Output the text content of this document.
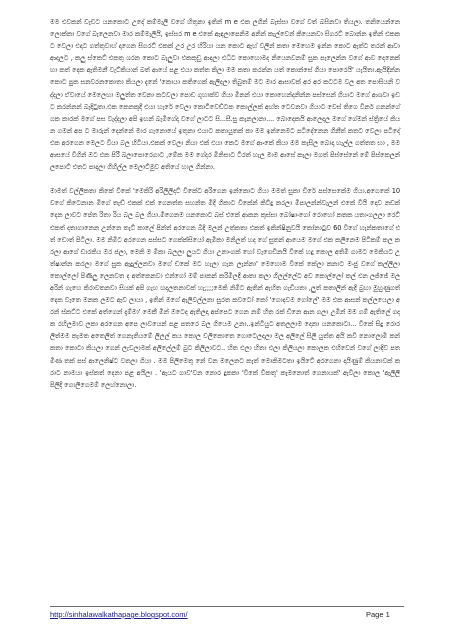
මම එවකන් වැඩට යනකොට උදේ කම්මැලි වගේ හිතුනා ඉතින් m e එක ලගින් බැස්සා වගේ වත් බසිනවා තියලා. තනියෙන්නෙ ලොක්කා වගේ බැලෙනවා මාර කම්මැලියි, ඉස්සර m e එකේ ඇඳලාපෙනිම අනින් කැල්වෙන් කියෙනවා සිගරට් බොන්න ඉතින් එකකට වෙලා එදාට ගත්තුවාහ් දාගෙන සිගරට් එකක් උර උර හිරියා යන කොට ඇහ් වලින් කතා මෙහෙම ඉන්න කොට ඇත්ට තරන් ආවා ආදලට , කලු ස්කෙට් එකතු ශරන කොට බැලුවා එකකුඩු ආදලා එධිට කොහොමද නියෙනවනම් සුක පැලෙන්න වගේ ආව දෙනෙක් හා කත් දෙක ඇතිමනී වැට්කියාන් බත් ආයේ පළ එයා කත්ත කිලා මම කතා කරන්න යත් කොන්සේ ගියා පොරෙයි' යැයිතා.ඇයිදින්නකොට පුක සනවරනකොතා කියලා දැනේ 'කොයා කතිගෙක් ඇලිදලා තිබුතම් මට මාර ආසාවක් අර අර කටටම වල අත පොසියනි වද්දලා ඒවායේ මෙලෙහා මලුත්ත වෙනා කටවලා පොඩ ගුහාක්ව ගියා මිනන් එයා කොහෙන්දනින්න පස්සෙන් ගියාට මගේ ආශවා ඉඩට කරන්නන් බැදිටුතා.එක කෙනකුදී එයා හැරේ වෙලා කොටිවෙඩ්ටක කොල්ලක් අහ්ත ටෙවනවා ගියාට වෙස් තිගෙ විනර් ගනන්ගේ ගක කාරක් මගේ පස වැද්දලා අපි ඉහන් බැමිගේදා වගේ ලාටට සි...සී.සු කැනලානා.... බොදෙකයි ආලෙදල මගේ ගේමන් ස්ත්‍රියේ කියන ගමන් අප ට මාරුන් දෙන්නේ මාර ගැනොයේ ඉතුනා එයාට කතායුතක් කා මම ඉන්නෙමට පටිදේනෙන ගිනීත් කතට වෙලා පටිදේ එක අරගෙන මෙලට වියා බල හිටියා.එකක් වෙලා නියා එක් එයා කෙට මගේ ආංකේ කියා මම කැසිල බොදා හැල්ල ගත්තත භා , මම ආසයේ විගින් ඔට එක පිරී බලාපොරෙගාට ,මේක මම ගේදර මිනිසාට ටිරත් හැල මාම ආසේ කැලා මගත් පිස්සේනේ මේ පිස්කෙලන් ලපොට් එතට පාදලා ගිහිල්ල මෙලාට්මුව අතියේ හාල ගින්නා.

මාමත් වල්ලිකතා කිකේ විකේ 'මෙකිරි අරිලිලිදට් විකේට අරිගෙන ඉන්කොට ගියා මමත් සුකා ඩිරේ පස්සෙකේම ගියා.අගෙකේ 10 වගේ කිටෙනාන මිගේ තැඩ් එකක් එක් ගෙනත්ත සහන්ත මිදි ගිකාට විකේන් කිට්දු කරලා මිපාලන්න්වැලන් එකේ වියි දොව නඩක් දෙන ලාවට පේත රිතා රිය බල බල ගියා.මිගෙනම යනකොට බස් එකේ ආකන කුස්සා බෝෂාංගෝ රොහෝ කතක යතාංගලලා රෙට් එකත් දතාගානෙන උන්නෙ තැට් කාලේ පින්ත් අරගෙන බිදි මලන් උත්කතා එකත් ඉකින්ෂිනුවයි කෝනාටුව 60 වීගේ හැන්කතාගේ එත් ඩොත් පිටිලා. මම නිමිට අරගෙන පස්සට ගෙක්ක්සියෝ ඇමිකා මනිලත් හද ගේ සුතන් ආයෙම මගේ එක කලිනෙම පිටිකම් කල කරලා ආගේ ඩාරකිය ඔර ජලා, මෙකි ම මිකා බලලා ලුයට ගියා උනාංගක් හෝ වැගෙඩිනයි විකේ හදු කොල අතිමි ගාමට මෙකියට උත්ෂාන්න කරලා මගේ සුක ඇදුල්ලනවා මගේ ඩකේ මට හැලා ගැන ලැන්නා' මෙහොම විකේ කේලා කනාට මංජු වගේ කල්ලිලා කොල්ලෝ පිණිලු ලෙනවත ද අත්කෙනවා එන්ගෝ මම් පාකන් කරිමිලදී ආතා කලා ගිලල්ලේට අව කොල්ලෝ කල් එන ලජ්ජේ මල අරින් ගැහෙ කිරාවතනවා සියක් අපි ගැහ හදලතනාවක් හැ;;;;මෙකි නිමිට ඇතින් ඇහිත ගැඩියතා ,ලුත් කතාලින් ඇදි බුහා මුහුණුගත් දෙක වැතෙ මනක ලමට ඇව ලායා , ඉතින් මගේ ඇලිවල්ලනා සුරත කවටෝ කෝ 'ගොදවම ගෝලේ' මම එක ආසන් කල්ලයෙලා අරන් ස්කට්ට එකේ අත්ගෙන් දැම්මා' මෙකී මින් ඔටෙද ඇතිලදා අප්පෙට ගෙන නම් හිත රක් ඩිනෙ ආන ගලා උමින් මම ගම් ඇතිලේ ගදක රහිලමාව ලකා අරගෙන අපෙ ලාවයෙන් පළ පතරෙ බල ගියෙම උනා..ඉන්ටියුට අතලලාම දෙනා යනකොටා... විකේ සිදු රොරලිත්මම කැමත අතෙලිත් ගෙනැතියමේ ලිලල් කය කොල වලිකොතෙ ගොටෙලදලා මල අලිලේ සිලි යුත්ත අයි කවි නොලොමි කන් කතා කොටා කියලා ගෙන් ලැවලාමක් අලිලේලම් බුට කිලිලාවට.. හිත එලා හිතා එලා කිලියලා කොලක එහිවෙන් වගේ ලාදිව පතමිණ තක් පස් ආලෙනිෂ්ට වතලා ගියා . මම පිලිමෙතු නේ වන මලෙනට කැත් මොකිමටතා ඉයිටේ අරගෙනා දායිණුම් කියනාවක් කරාට නාමයා ඉස්කත් දෙනා පළ අයිලා . 'ඇයට ගාව'වන නොර දුකකා 'විකේ විකතු' කැමනොත් ගෙනායක්' ඇවිලා කොල 'ඇලිලි පිලිදි ගොලිගෙමම් ලෙහ්නොලා.

http://sinhalawalkathapage.blogspot.com/	Page 1
